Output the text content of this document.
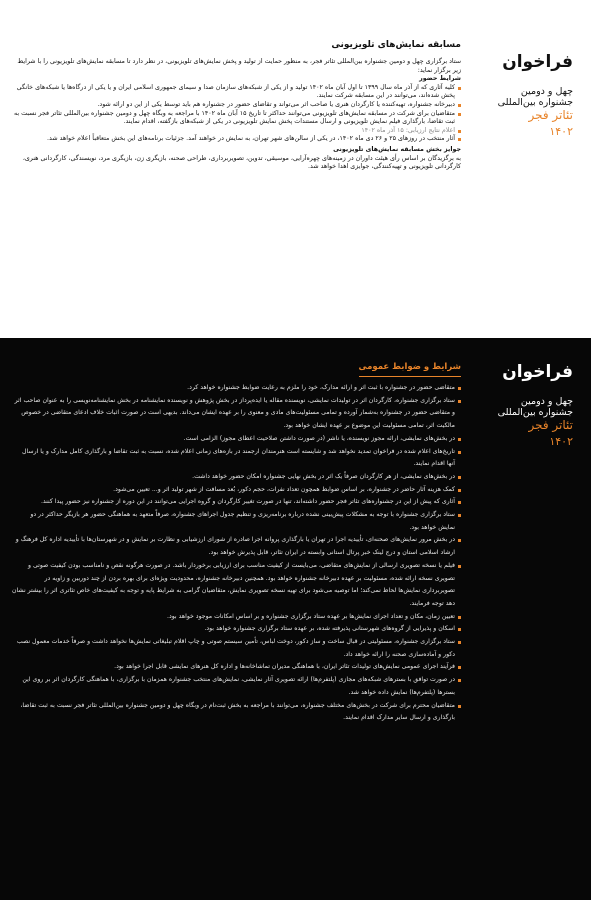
فراخوان
چهل و دومین
جشنواره بین‌المللی
تئاتر فجر
۱۴۰۲
مسابقه نمایش‌های تلویزیونی

ستاد برگزاری چهل و دومین جشنواره بین‌المللی تئاتر فجر، به منظور حمایت از تولید و پخش نمایش‌های تلویزیونی، در نظر دارد تا مسابقه نمایش‌های تلویزیونی را با شرایط زیر برگزار نماید:

شرایط حضور
کلیه آثاری که از آذر ماه سال ۱۳۹۹ تا اول آبان ماه ۱۴۰۲ تولید و از یکی از شبکه‌های سازمان صدا و سیمای جمهوری اسلامی ایران و یا یکی از درگاه‌ها یا شبکه‌های خانگی پخش شده‌اند، می‌توانند در این مسابقه شرکت نمایند.
دبیرخانه جشنواره، تهیه‌کننده یا کارگردان هنری یا صاحب اثر می‌تواند و تقاضای حضور در جشنواره هم باید توسط یکی از این دو ارائه شود.
متقاضیان برای شرکت در مسابقه نمایش‌های تلویزیونی می‌توانند حداکثر تا تاریخ ۱۵ آبان ماه ۱۴۰۲ با مراجعه به وبگاه چهل و دومین جشنواره بین‌المللی تئاتر فجر نسبت به ثبت تقاضا، بارگذاری فیلم نمایش تلویزیونی و ارسال مستندات پخش نمایش تلویزیونی در یکی از شبکه‌های بازگفته، اقدام نمایند.
اعلام نتایج ارزیابی: ۱۵ آذر ماه ۱۴۰۲
آثار منتخب در روزهای ۲۵ و ۲۶ دی ماه ۱۴۰۲، در یکی از سالن‌های شهر تهران، به نمایش در خواهند آمد. جزئیات برنامه‌های این بخش متعاقباً اعلام خواهد شد.
جوایز بخش مسابقه نمایش‌های تلویزیونی

به برگزیدگان بر اساس رأی هیئت داوران در زمینه‌های چهره‌آرایی، موسیقی، تدوین، تصویربرداری، طراحی صحنه، بازیگری زن، بازیگری مرد، نویسندگی، کارگردانی هنری، کارگردانی تلویزیونی و تهیه‌کنندگی، جوایزی اهدا خواهد شد.

فراخوان
چهل و دومین
جشنواره بین‌المللی
تئاتر فجر
۱۴۰۲
شرایط و ضوابط عمومی
متقاضی حضور در جشنواره با ثبت اثر و ارائه مدارک، خود را ملزم به رعایت ضوابط جشنواره خواهد کرد.
ستاد برگزاری جشنواره، کارگردان اثر در تولیدات نمایشی، نویسنده مقاله یا ایده‌پرداز در بخش پژوهش و نویسنده نمایشنامه در بخش نمایشنامه‌نویسی را به عنوان صاحب اثر و متقاضی حضور در جشنواره به‌شمار آورده و تمامی مسئولیت‌های مادی و معنوی را بر عهده ایشان می‌داند. بدیهی است در صورت اثبات خلاف ادعای متقاضی در خصوص مالکیت اثر، تمامی مسئولیت این موضوع بر عهده ایشان خواهد بود.
در بخش‌های نمایشی، ارائه مجوز نویسنده، یا ناشر (در صورت داشتن صلاحیت اعطای مجوز) الزامی است.
تاریخ‌های اعلام شده در فراخوان تمدید نخواهد شد و شایسته است هنرمندان ارجمند در بازه‌های زمانی اعلام شده، نسبت به ثبت تقاضا و بارگذاری کامل مدارک و یا ارسال آنها اقدام نمایند.
در بخش‌های نمایشی، از هر کارگردان صرفاً یک اثر در بخش نهایی جشنواره امکان حضور خواهد داشت.
کمک هزینه آثار حاضر در جشنواره، بر اساس ضوابط همچون تعداد نفرات، حجم دکور، بُعد مسافت از شهر تولید اثر و... تعیین می‌شود.
آثاری که پیش از این در جشنواره‌های تئاتر فجر حضور داشته‌اند، تنها در صورت تغییر کارگردان و گروه اجرایی می‌توانند در این دوره از جشنواره نیز حضور پیدا کنند.
ستاد برگزاری جشنواره با توجه به مشکلات پیش‌بینی نشده درباره برنامه‌ریزی و تنظیم جدول اجراهای جشنواره، صرفاً متعهد به هماهنگی حضور هر بازیگر حداکثر در دو نمایش خواهد بود.
در بخش مرور نمایش‌های صحنه‌ای، تأییدیه اجرا در تهران یا بارگذاری پروانه اجرا صادره از شورای ارزشیابی و نظارت بر نمایش و در شهرستان‌ها با تأییدیه اداره کل فرهنگ و ارشاد اسلامی استان و درج لینک خبر پرتال استانی وابسته در ایران تئاتر، قابل پذیرش خواهد بود.
فیلم یا نسخه تصویری ارسالی از نمایش‌های متقاضی، می‌بایست از کیفیت مناسب برای ارزیابی برخوردار باشد. در صورت هرگونه نقص و نامناسب بودن کیفیت صوتی و تصویری نسخه ارائه شده، مسئولیت بر عهده دبیرخانه جشنواره خواهد بود. همچنین دبیرخانه جشنواره، محدودیت ویژه‌ای برای بهره بردن از چند دوربین و زاویه در تصویربرداری نمایش‌ها لحاظ نمی‌کند؛ اما توصیه می‌شود برای تهیه نسخه تصویری نمایش، متقاضیان گرامی به شرایط پایه و توجه به کیفیت‌های خاص تئاتری اثر را بیشتر نشان دهد توجه فرمایند.
تعیین زمان، مکان و تعداد اجرای نمایش‌ها بر عهده ستاد برگزاری جشنواره و بر اساس امکانات موجود خواهد بود.
اسکان و پذیرایی از گروه‌های شهرستانی پذیرفته شده، بر عهده ستاد برگزاری جشنواره خواهد بود.
ستاد برگزاری جشنواره، مسئولیتی در قبال ساخت و ساز دکور، دوخت لباس، تأمین سیستم صوتی و چاپ اقلام تبلیغاتی نمایش‌ها نخواهد داشت و صرفاً خدمات معمول نصب دکور و آماده‌سازی صحنه را ارائه خواهد داد.
فرآیند اجرای عمومی نمایش‌های تولیدات تئاتر ایران، با هماهنگی مدیران تماشاخانه‌ها و اداره کل هنرهای نمایشی قابل اجرا خواهد بود.
در صورت توافق با بستر‌های شبکه‌های مجازی (پلتفرم‌ها) ارائه تصویری آثار نمایشی، نمایش‌های منتخب جشنواره همزمان با برگزاری، با هماهنگی کارگردان اثر بر روی این بستر‌ها (پلتفرم‌ها) نمایش داده خواهد شد.
متقاضیان محترم برای شرکت در بخش‌های مختلف جشنواره، می‌توانند با مراجعه به بخش ثبت‌نام در وبگاه چهل و دومین جشنواره بین‌المللی تئاتر فجر نسبت به ثبت تقاضا، بارگذاری و ارسال سایر مدارک اقدام نمایند.
